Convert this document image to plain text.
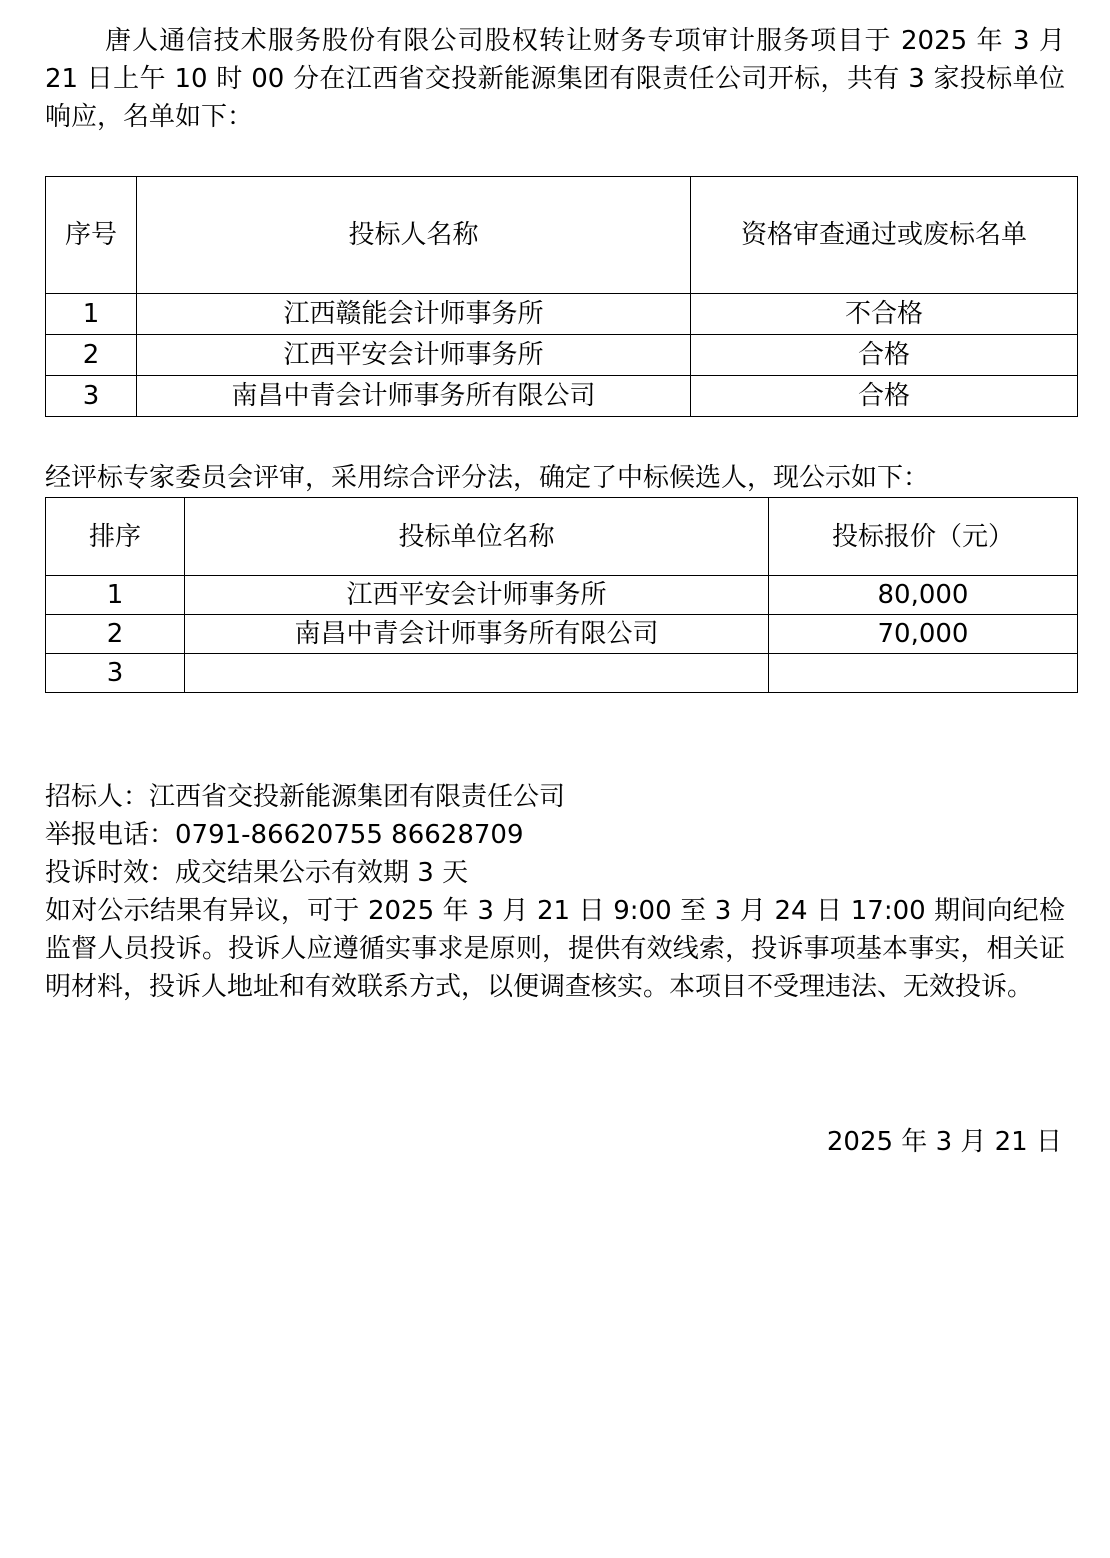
唐人通信技术服务股份有限公司股权转让财务专项审计服务项目于 2025 年 3 月 21 日上午 10 时 00 分在江西省交投新能源集团有限责任公司开标，共有 3 家投标单位响应，名单如下：

序号	投标人名称	资格审查通过或废标名单
1	江西赣能会计师事务所	不合格
2	江西平安会计师事务所	合格
3	南昌中青会计师事务所有限公司	合格

经评标专家委员会评审，采用综合评分法，确定了中标候选人，现公示如下：

排序	投标单位名称	投标报价（元）
1	江西平安会计师事务所	80,000
2	南昌中青会计师事务所有限公司	70,000
3		
招标人：江西省交投新能源集团有限责任公司
举报电话：0791-86620755 86628709
投诉时效：成交结果公示有效期 3 天
如对公示结果有异议，可于 2025 年 3 月 21 日 9:00 至 3 月 24 日 17:00 期间向纪检监督人员投诉。投诉人应遵循实事求是原则，提供有效线索，投诉事项基本事实，相关证明材料，投诉人地址和有效联系方式，以便调查核实。本项目不受理违法、无效投诉。
2025 年 3 月 21 日
